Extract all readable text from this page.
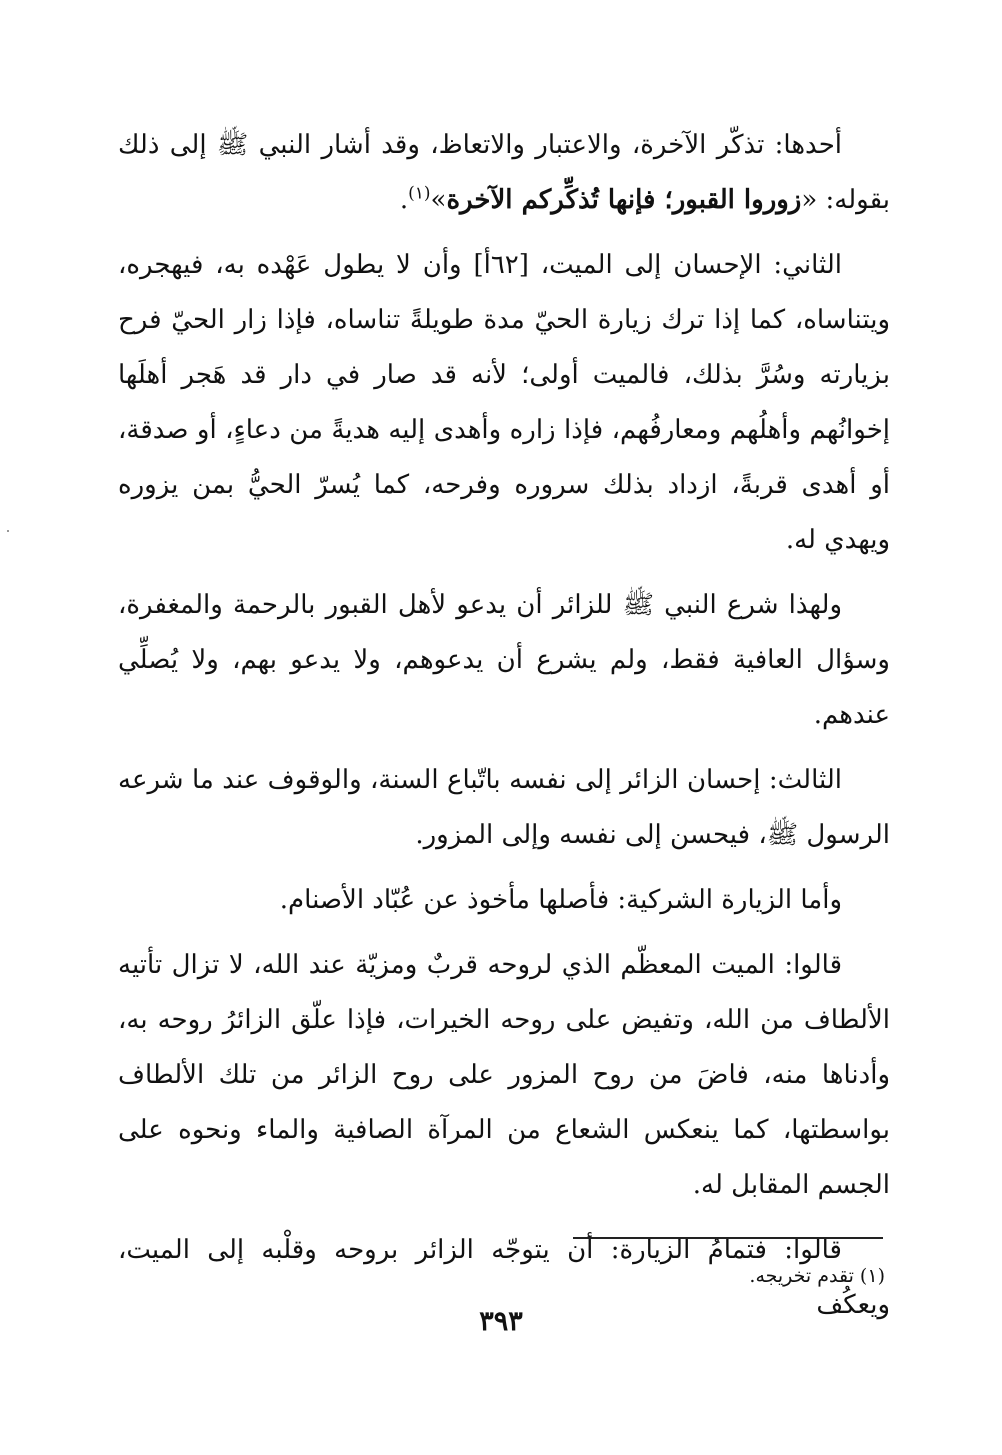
أحدها: تذكّر الآخرة، والاعتبار والاتعاظ، وقد أشار النبي ﷺ إلى ذلك بقوله: «زوروا القبور؛ فإنها تُذكِّركم الآخرة»$^{(١)}$.

الثاني: الإحسان إلى الميت، [٦٢أ] وأن لا يطول عَهْده به، فيهجره، ويتناساه، كما إذا ترك زيارة الحيّ مدة طويلةً تناساه، فإذا زار الحيّ فرح بزيارته وسُرَّ بذلك، فالميت أولى؛ لأنه قد صار في دار قد هَجر أهلَها إخوانُهم وأهلُهم ومعارفُهم، فإذا زاره وأهدى إليه هديةً من دعاءٍ، أو صدقة، أو أهدى قربةً، ازداد بذلك سروره وفرحه، كما يُسرّ الحيُّ بمن يزوره ويهدي له.

ولهذا شرع النبي ﷺ للزائر أن يدعو لأهل القبور بالرحمة والمغفرة، وسؤال العافية فقط، ولم يشرع أن يدعوهم، ولا يدعو بهم، ولا يُصلِّي عندهم.

الثالث: إحسان الزائر إلى نفسه باتّباع السنة، والوقوف عند ما شرعه الرسول ﷺ، فيحسن إلى نفسه وإلى المزور.

وأما الزيارة الشركية: فأصلها مأخوذ عن عُبّاد الأصنام.

قالوا: الميت المعظّم الذي لروحه قربٌ ومزيّة عند الله، لا تزال تأتيه الألطاف من الله، وتفيض على روحه الخيرات، فإذا علّق الزائرُ روحه به، وأدناها منه، فاضَ من روح المزور على روح الزائر من تلك الألطاف بواسطتها، كما ينعكس الشعاع من المرآة الصافية والماء ونحوه على الجسم المقابل له.

قالوا: فتمامُ الزيارة: أن يتوجّه الزائر بروحه وقلْبه إلى الميت، ويعكُف

(١) تقدم تخريجه.
٣٩٣
